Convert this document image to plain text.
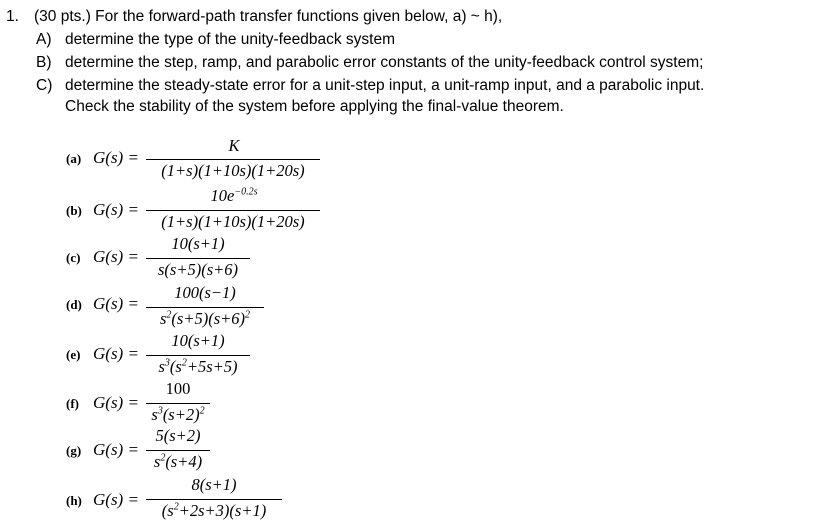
1. (30 pts.) For the forward-path transfer functions given below, a) ~ h),
A) determine the type of the unity-feedback system
B) determine the step, ramp, and parabolic error constants of the unity-feedback control system;
C) determine the steady-state error for a unit-step input, a unit-ramp input, and a parabolic input.
Check the stability of the system before applying the final-value theorem.
(a) G(s) =
K
(1+s)(1+10s)(1+20s)
(b) G(s) =
$10e^{-0.2s}$
(1+s)(1+10s)(1+20s)
(c) G(s) =
10(s+1)
s(s+5)(s+6)
(d) G(s) =
100(s−1)
$s^2(s+5)(s+6)^2$
(e) G(s) =
10(s+1)
$s^3(s^2+5s+5)$
(f) G(s) =
100
$s^3(s+2)^2$
(g) G(s) =
5(s+2)
$s^2(s+4)$
(h) G(s) =
8(s+1)
$(s^2+2s+3)(s+1)$
